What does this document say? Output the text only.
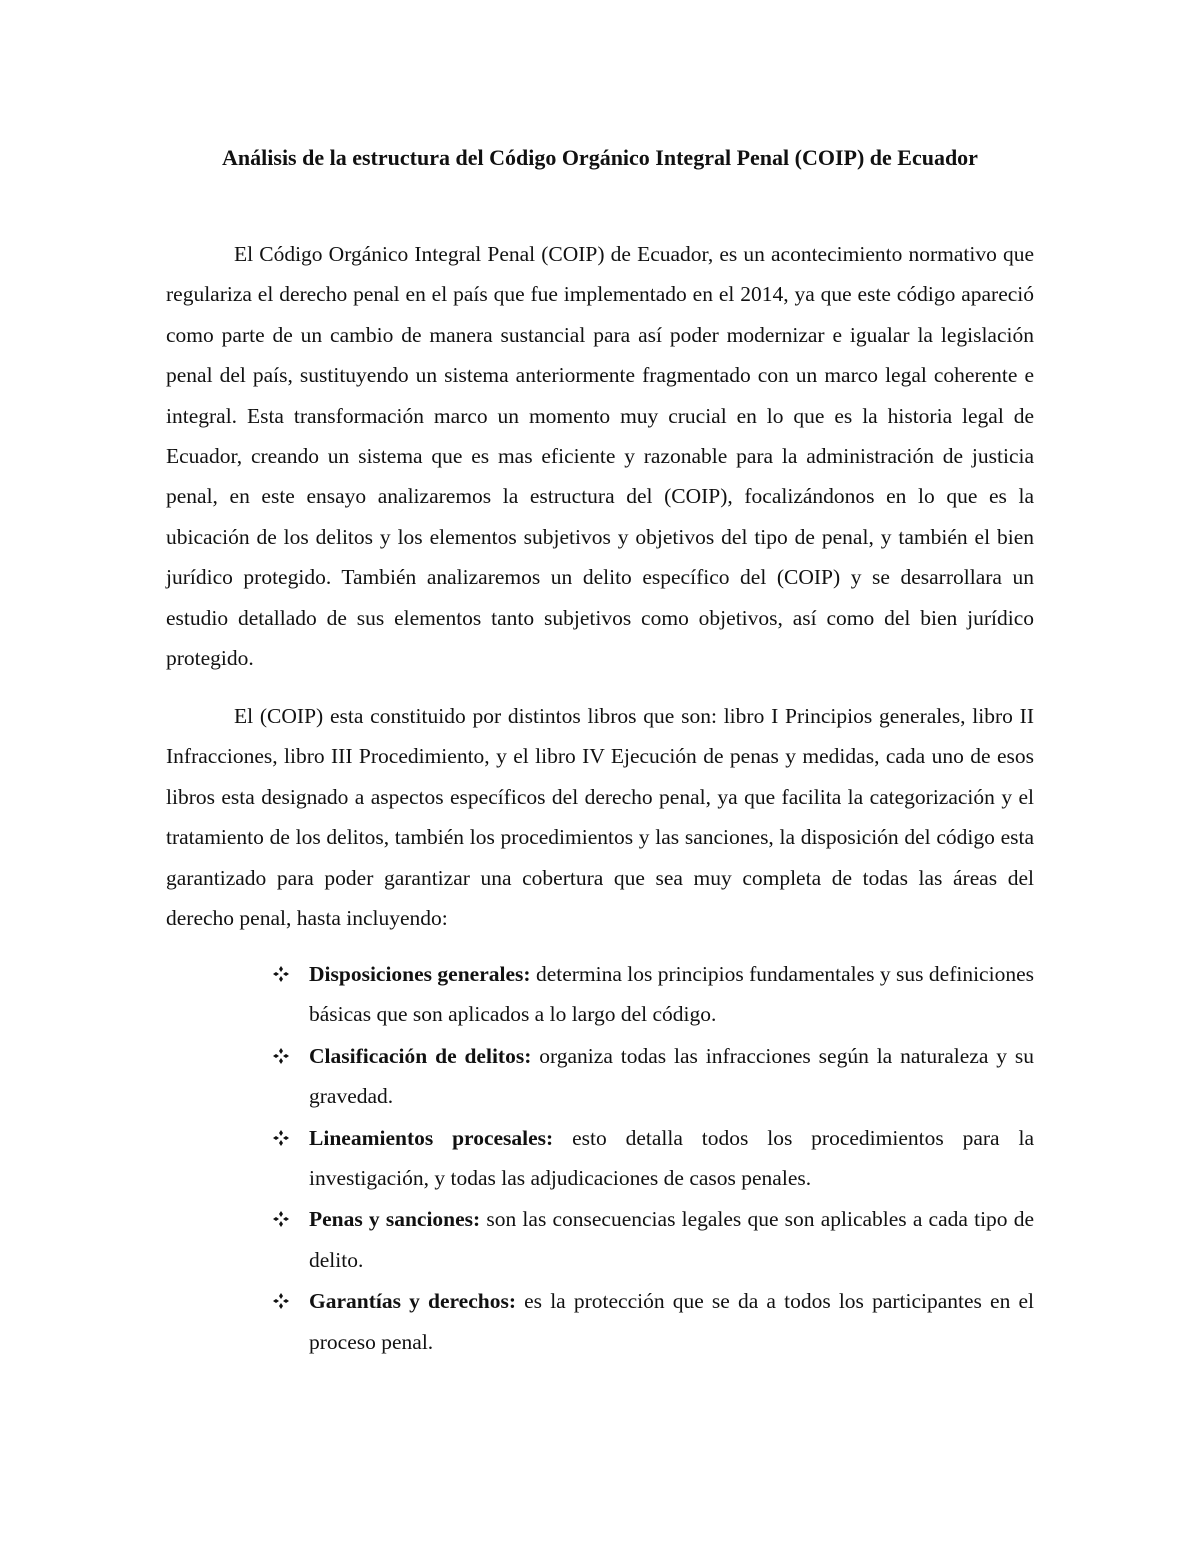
Análisis de la estructura del Código Orgánico Integral Penal (COIP) de Ecuador

El Código Orgánico Integral Penal (COIP) de Ecuador, es un acontecimiento normativo que regulariza el derecho penal en el país que fue implementado en el 2014, ya que este código apareció como parte de un cambio de manera sustancial para así poder modernizar e igualar la legislación penal del país, sustituyendo un sistema anteriormente fragmentado con un marco legal coherente e integral. Esta transformación marco un momento muy crucial en lo que es la historia legal de Ecuador, creando un sistema que es mas eficiente y razonable para la administración de justicia penal, en este ensayo analizaremos la estructura del (COIP), focalizándonos en lo que es la ubicación de los delitos y los elementos subjetivos y objetivos del tipo de penal, y también el bien jurídico protegido. También analizaremos un delito específico del (COIP) y se desarrollara un estudio detallado de sus elementos tanto subjetivos como objetivos, así como del bien jurídico protegido.

El (COIP) esta constituido por distintos libros que son: libro I Principios generales, libro II Infracciones, libro III Procedimiento, y el libro IV Ejecución de penas y medidas, cada uno de esos libros esta designado a aspectos específicos del derecho penal, ya que facilita la categorización y el tratamiento de los delitos, también los procedimientos y las sanciones, la disposición del código esta garantizado para poder garantizar una cobertura que sea muy completa de todas las áreas del derecho penal, hasta incluyendo:

Disposiciones generales: determina los principios fundamentales y sus definiciones básicas que son aplicados a lo largo del código.
Clasificación de delitos: organiza todas las infracciones según la naturaleza y su gravedad.
Lineamientos procesales: esto detalla todos los procedimientos para la investigación, y todas las adjudicaciones de casos penales.
Penas y sanciones: son las consecuencias legales que son aplicables a cada tipo de delito.
Garantías y derechos: es la protección que se da a todos los participantes en el proceso penal.
